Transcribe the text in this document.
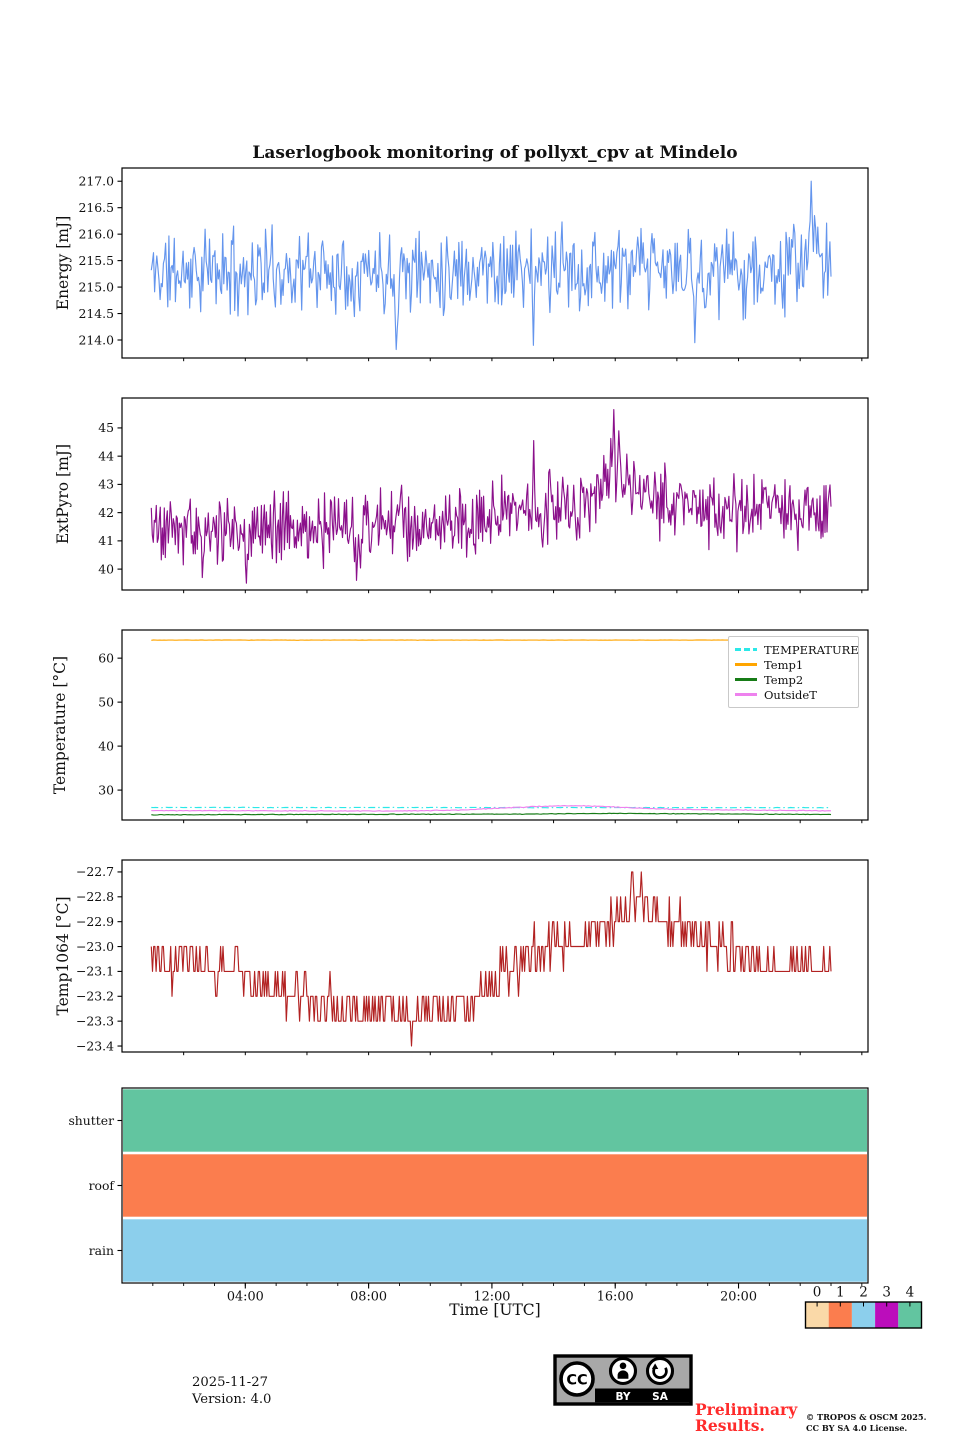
Laserlogbook monitoring of pollyxt_cpv at Mindelo
Energy [mJ]
ExtPyro [mJ]
Temperature [°C]
Temp1064 [°C]
214.0
214.5
215.0
215.5
216.0
216.5
217.0
40
41
42
43
44
45
30
40
50
60
−23.4
−23.3
−23.2
−23.1
−23.0
−22.9
−22.8
−22.7
shutter
roof
rain
04:00	08:00	12:00	16:00	20:00	0 1 2 3 4
TEMPERATURE
Temp1
Temp2
OutsideT
Time [UTC]
2025-11-27
Version: 4.0
CC
BY SA
Preliminary
Results.	© TROPOS & OSCM 2025.
CC BY SA 4.0 License.
